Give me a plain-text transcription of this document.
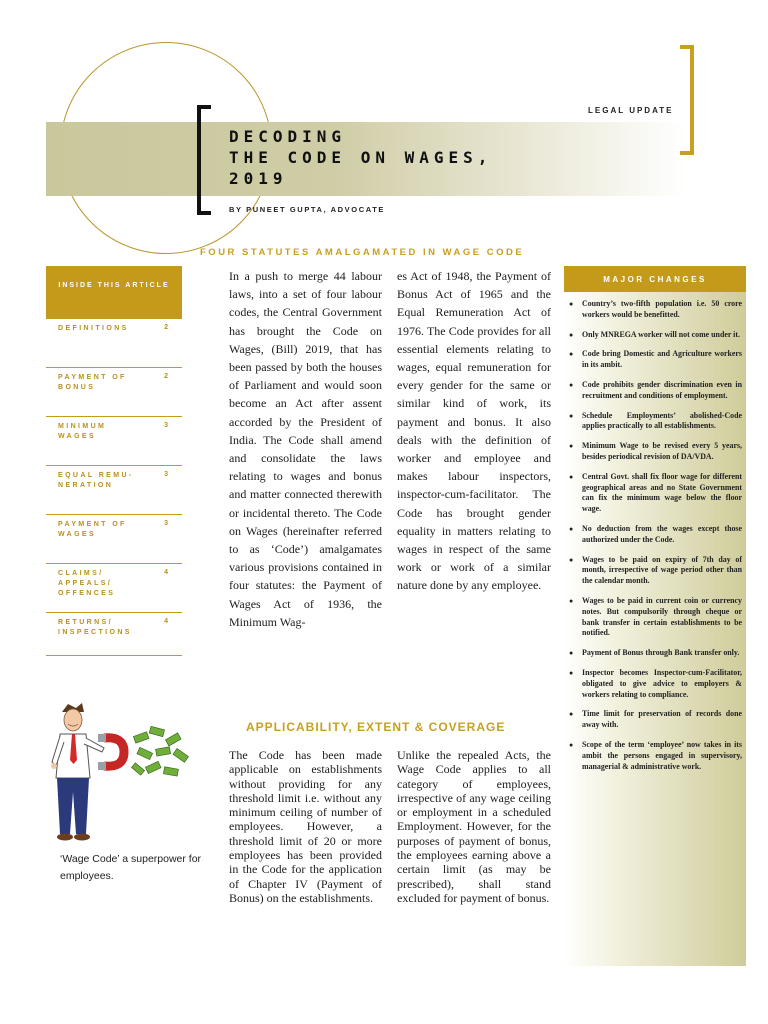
LEGAL UPDATE
DECODING
THE CODE ON WAGES,
2019
BY PUNEET GUPTA, ADVOCATE
FOUR STATUTES AMALGAMATED IN WAGE CODE
INSIDE THIS ARTICLE
DEFINITIONS	2
PAYMENT OF BONUS
2
MINIMUM WAGES
3
EQUAL REMU-NERATION
3
PAYMENT OF WAGES
3
CLAIMS/ APPEALS/ OFFENCES
4
RETURNS/ INSPECTIONS
4
‘Wage Code’ a superpower for employees.

In a push to merge 44 labour laws, into a set of four labour codes, the Central Government has brought the Code on Wages, (Bill) 2019, that has been passed by both the houses of Parliament and would soon become an Act after assent accorded by the President of India. The Code shall amend and consolidate the laws relating to wages and bonus and matter connected therewith or incidental thereto. The Code on Wages (hereinafter referred to as ‘Code’) amalgamates various provisions contained in four statutes: the Payment of Wages Act of 1936, the Minimum Wag-

es Act of 1948, the Payment of Bonus Act of 1965 and the Equal Remuneration Act of 1976. The Code provides for all essential elements relating to wages, equal remuneration for every gender for the same or similar kind of work, its payment and bonus. It also deals with the definition of worker and employee and makes labour inspectors, inspector-cum-facilitator. The Code has brought gender equality in matters relating to wages in respect of the same work or work of a similar nature done by any employee.

APPLICABILITY, EXTENT & COVERAGE

The Code has been made applicable on establishments without providing for any threshold limit i.e. without any minimum ceiling of number of employees. However, a threshold limit of 20 or more employees has been provided in the Code for the application of Chapter IV (Payment of Bonus) on the establishments.

Unlike the repealed Acts, the Wage Code applies to all category of employees, irrespective of any wage ceiling or employment in a scheduled Employment. However, for the purposes of payment of bonus, the employees earning above a certain limit (as may be prescribed), shall stand excluded for payment of bonus.

MAJOR CHANGES
● Country’s two-fifth population i.e. 50 crore workers would be benefitted.
● Only MNREGA worker will not come under it.
● Code bring Domestic and Agriculture workers in its ambit.
● Code prohibits gender discrimination even in recruitment and conditions of employment.
● Schedule Employments’ abolished-Code applies practically to all establishments.
● Minimum Wage to be revised every 5 years, besides periodical revision of DA/VDA.
● Central Govt. shall fix floor wage for different geographical areas and no State Government can fix the minimum wage below the floor wage.
● No deduction from the wages except those authorized under the Code.
● Wages to be paid on expiry of 7th day of month, irrespective of wage period other than the calendar month.
● Wages to be paid in current coin or currency notes. But compulsorily through cheque or bank transfer in certain establishments to be notified.
● Payment of Bonus through Bank transfer only.
● Inspector becomes Inspector-cum-Facilitator, obligated to give advice to employers & workers relating to compliance.
● Time limit for preservation of records done away with.
● Scope of the term ‘employee’ now takes in its ambit the persons engaged in supervisory, managerial & administrative work.
